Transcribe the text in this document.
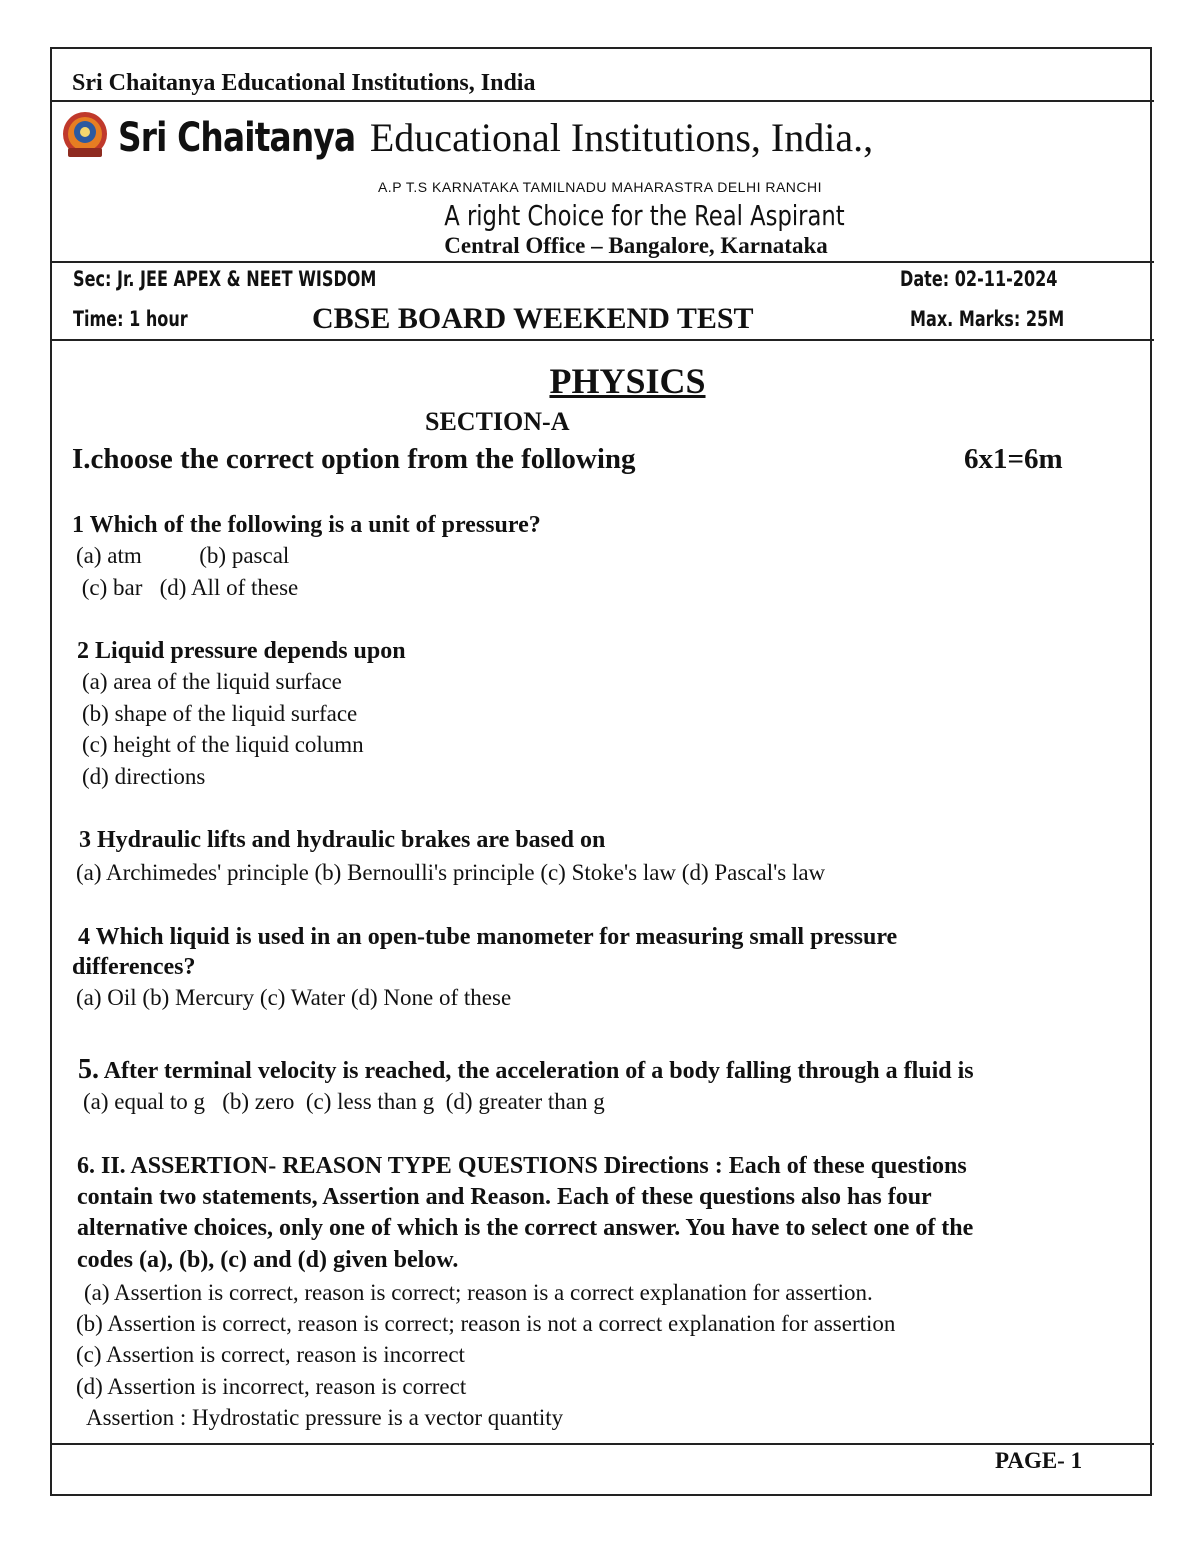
Sri Chaitanya Educational Institutions, India
Sri Chaitanya Educational Institutions, India.,
A.P T.S KARNATAKA TAMILNADU MAHARASTRA DELHI RANCHI
A right Choice for the Real Aspirant
Central Office – Bangalore, Karnataka
Sec: Jr. JEE APEX & NEET WISDOM	Date: 02-11-2024
Time: 1 hour	CBSE BOARD WEEKEND TEST	Max. Marks: 25M
PHYSICS
SECTION-A
I.choose the correct option from the following	6x1=6m
1 Which of the following is a unit of pressure?
(a) atm          (b) pascal
(c) bar   (d) All of these
2 Liquid pressure depends upon
(a) area of the liquid surface
(b) shape of the liquid surface
(c) height of the liquid column
(d) directions
3 Hydraulic lifts and hydraulic brakes are based on
(a) Archimedes' principle (b) Bernoulli's principle (c) Stoke's law (d) Pascal's law
4 Which liquid is used in an open-tube manometer for measuring small pressure
differences?
(a) Oil (b) Mercury (c) Water (d) None of these
5. After terminal velocity is reached, the acceleration of a body falling through a fluid is
(a) equal to g   (b) zero  (c) less than g  (d) greater than g
6. II. ASSERTION- REASON TYPE QUESTIONS Directions : Each of these questions
contain two statements, Assertion and Reason. Each of these questions also has four
alternative choices, only one of which is the correct answer. You have to select one of the
codes (a), (b), (c) and (d) given below.
(a) Assertion is correct, reason is correct; reason is a correct explanation for assertion.
(b) Assertion is correct, reason is correct; reason is not a correct explanation for assertion
(c) Assertion is correct, reason is incorrect
(d) Assertion is incorrect, reason is correct
Assertion : Hydrostatic pressure is a vector quantity
PAGE- 1
